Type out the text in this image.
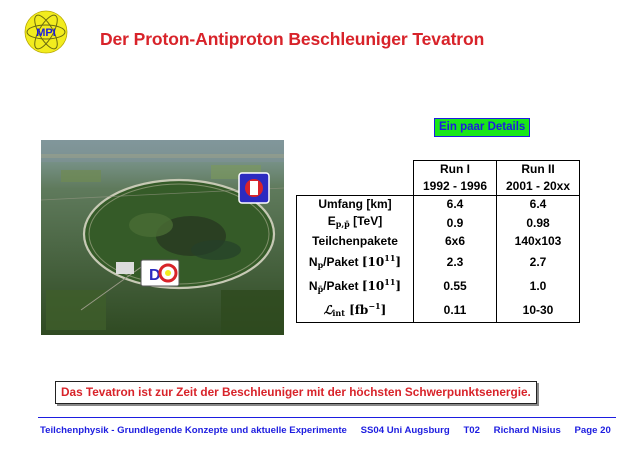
MPI	Der Proton-Antiproton Beschleuniger Tevatron
Ein paar Details
D
	Run I	Run II
	1992 - 1996	2001 - 20xx
Umfang [km]	6.4	6.4
$E_{p,p̄}$ [TeV]	0.9	0.98
Teilchenpakete	6x6	140x103
$N_p$/Paket $[10^{11}]$	2.3	2.7
$N_{p̄}$/Paket $[10^{11}]$	0.55	1.0
ℒ$_{int}$ $[fb^{-1}]$	0.11	10-30
Das Tevatron ist zur Zeit der Beschleuniger mit der höchsten Schwerpunktsenergie.
Teilchenphysik - Grundlegende Konzepte und aktuelle Experimente SS04 Uni Augsburg T02 Richard Nisius Page 20
